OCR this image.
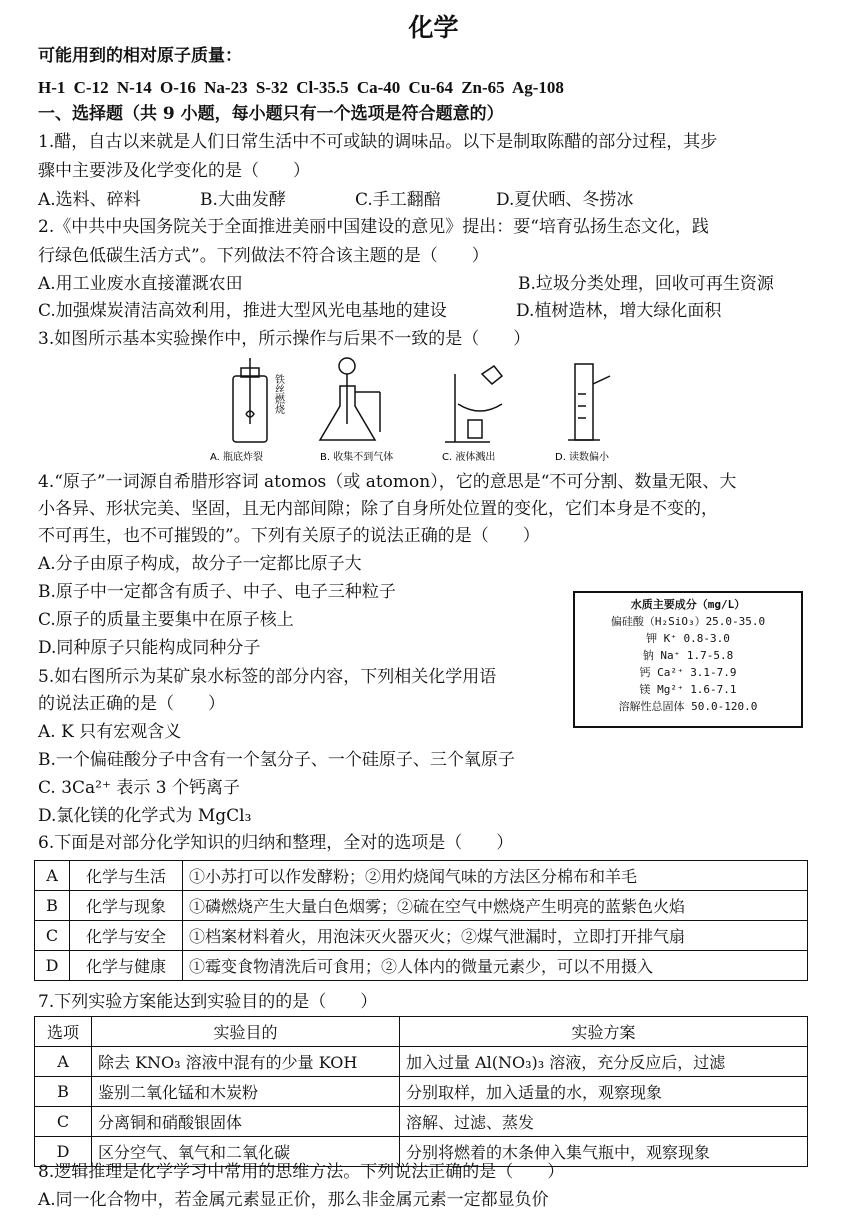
化学
可能用到的相对原子质量：
H-1 C-12 N-14 O-16 Na-23 S-32 Cl-35.5 Ca-40 Cu-64 Zn-65 Ag-108
一、选择题（共 9 小题，每小题只有一个选项是符合题意的）
1.醋，自古以来就是人们日常生活中不可或缺的调味品。以下是制取陈醋的部分过程，其步
骤中主要涉及化学变化的是（　　）
A.选料、碎料	B.大曲发酵	C.手工翻醅	D.夏伏晒、冬捞冰
2.《中共中央国务院关于全面推进美丽中国建设的意见》提出：要“培育弘扬生态文化，践
行绿色低碳生活方式”。下列做法不符合该主题的是（　　）
A.用工业废水直接灌溉农田	B.垃圾分类处理，回收可再生资源
C.加强煤炭清洁高效利用，推进大型风光电基地的建设	D.植树造林，增大绿化面积
3.如图所示基本实验操作中，所示操作与后果不一致的是（　　）
铁丝燃烧
A. 瓶底炸裂	B. 收集不到气体	C. 液体溅出	D. 读数偏小
4.“原子”一词源自希腊形容词 atomos（或 atomon），它的意思是“不可分割、数量无限、大
小各异、形状完美、坚固，且无内部间隙；除了自身所处位置的变化，它们本身是不变的，
不可再生，也不可摧毁的”。下列有关原子的说法正确的是（　　）
A.分子由原子构成，故分子一定都比原子大
B.原子中一定都含有质子、中子、电子三种粒子
C.原子的质量主要集中在原子核上
D.同种原子只能构成同种分子
水质主要成分（mg/L）
偏硅酸（H₂SiO₃）25.0-35.0
钾 K⁺ 0.8-3.0
钠 Na⁺ 1.7-5.8
钙 Ca²⁺ 3.1-7.9
镁 Mg²⁺ 1.6-7.1
溶解性总固体 50.0-120.0
5.如右图所示为某矿泉水标签的部分内容，下列相关化学用语
的说法正确的是（　　）
A. K 只有宏观含义
B.一个偏硅酸分子中含有一个氢分子、一个硅原子、三个氧原子
C. 3Ca²⁺ 表示 3 个钙离子
D.氯化镁的化学式为 MgCl₃
6.下面是对部分化学知识的归纳和整理，全对的选项是（　　）
A	化学与生活	①小苏打可以作发酵粉；②用灼烧闻气味的方法区分棉布和羊毛
B	化学与现象	①磷燃烧产生大量白色烟雾；②硫在空气中燃烧产生明亮的蓝紫色火焰
C	化学与安全	①档案材料着火，用泡沫灭火器灭火；②煤气泄漏时，立即打开排气扇
D	化学与健康	①霉变食物清洗后可食用；②人体内的微量元素少，可以不用摄入
7.下列实验方案能达到实验目的的是（　　）
选项	实验目的	实验方案
A	除去 KNO₃ 溶液中混有的少量 KOH	加入过量 Al(NO₃)₃ 溶液，充分反应后，过滤
B	鉴别二氧化锰和木炭粉	分别取样，加入适量的水，观察现象
C	分离铜和硝酸银固体	溶解、过滤、蒸发
D	区分空气、氧气和二氧化碳	分别将燃着的木条伸入集气瓶中，观察现象
8.逻辑推理是化学学习中常用的思维方法。下列说法正确的是（　　）
A.同一化合物中，若金属元素显正价，那么非金属元素一定都显负价
